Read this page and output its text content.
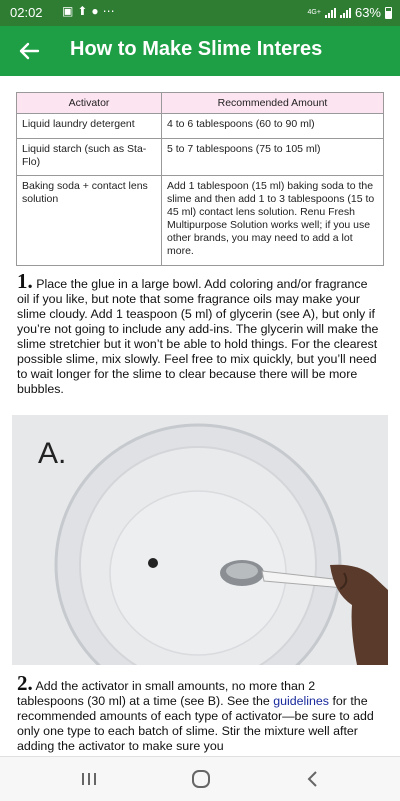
02:02 ▣⬆●⋯	4G+	63%
How to Make Slime Interes
Activator	Recommended Amount
Liquid laundry detergent	4 to 6 tablespoons (60 to 90 ml)
Liquid starch (such as Sta-Flo)	5 to 7 tablespoons (75 to 105 ml)
Baking soda + contact lens solution	Add 1 tablespoon (15 ml) baking soda to the slime and then add 1 to 3 tablespoons (15 to 45 ml) contact lens solution. Renu Fresh Multipurpose Solution works well; if you use other brands, you may need to add a lot more.
1. Place the glue in a large bowl. Add coloring and/or fragrance oil if you like, but note that some fragrance oils may make your slime cloudy. Add 1 teaspoon (5 ml) of glycerin (see A), but only if you’re not going to include any add-ins. The glycerin will make the slime stretchier but it won’t be able to hold things. For the clearest possible slime, mix slowly. Feel free to mix quickly, but you’ll need to wait longer for the slime to clear because there will be more bubbles.
A.
2. Add the activator in small amounts, no more than 2 tablespoons (30 ml) at a time (see B). See the guidelines for the recommended amounts of each type of activator—be sure to add only one type to each batch of slime. Stir the mixture well after adding the activator to make sure you
